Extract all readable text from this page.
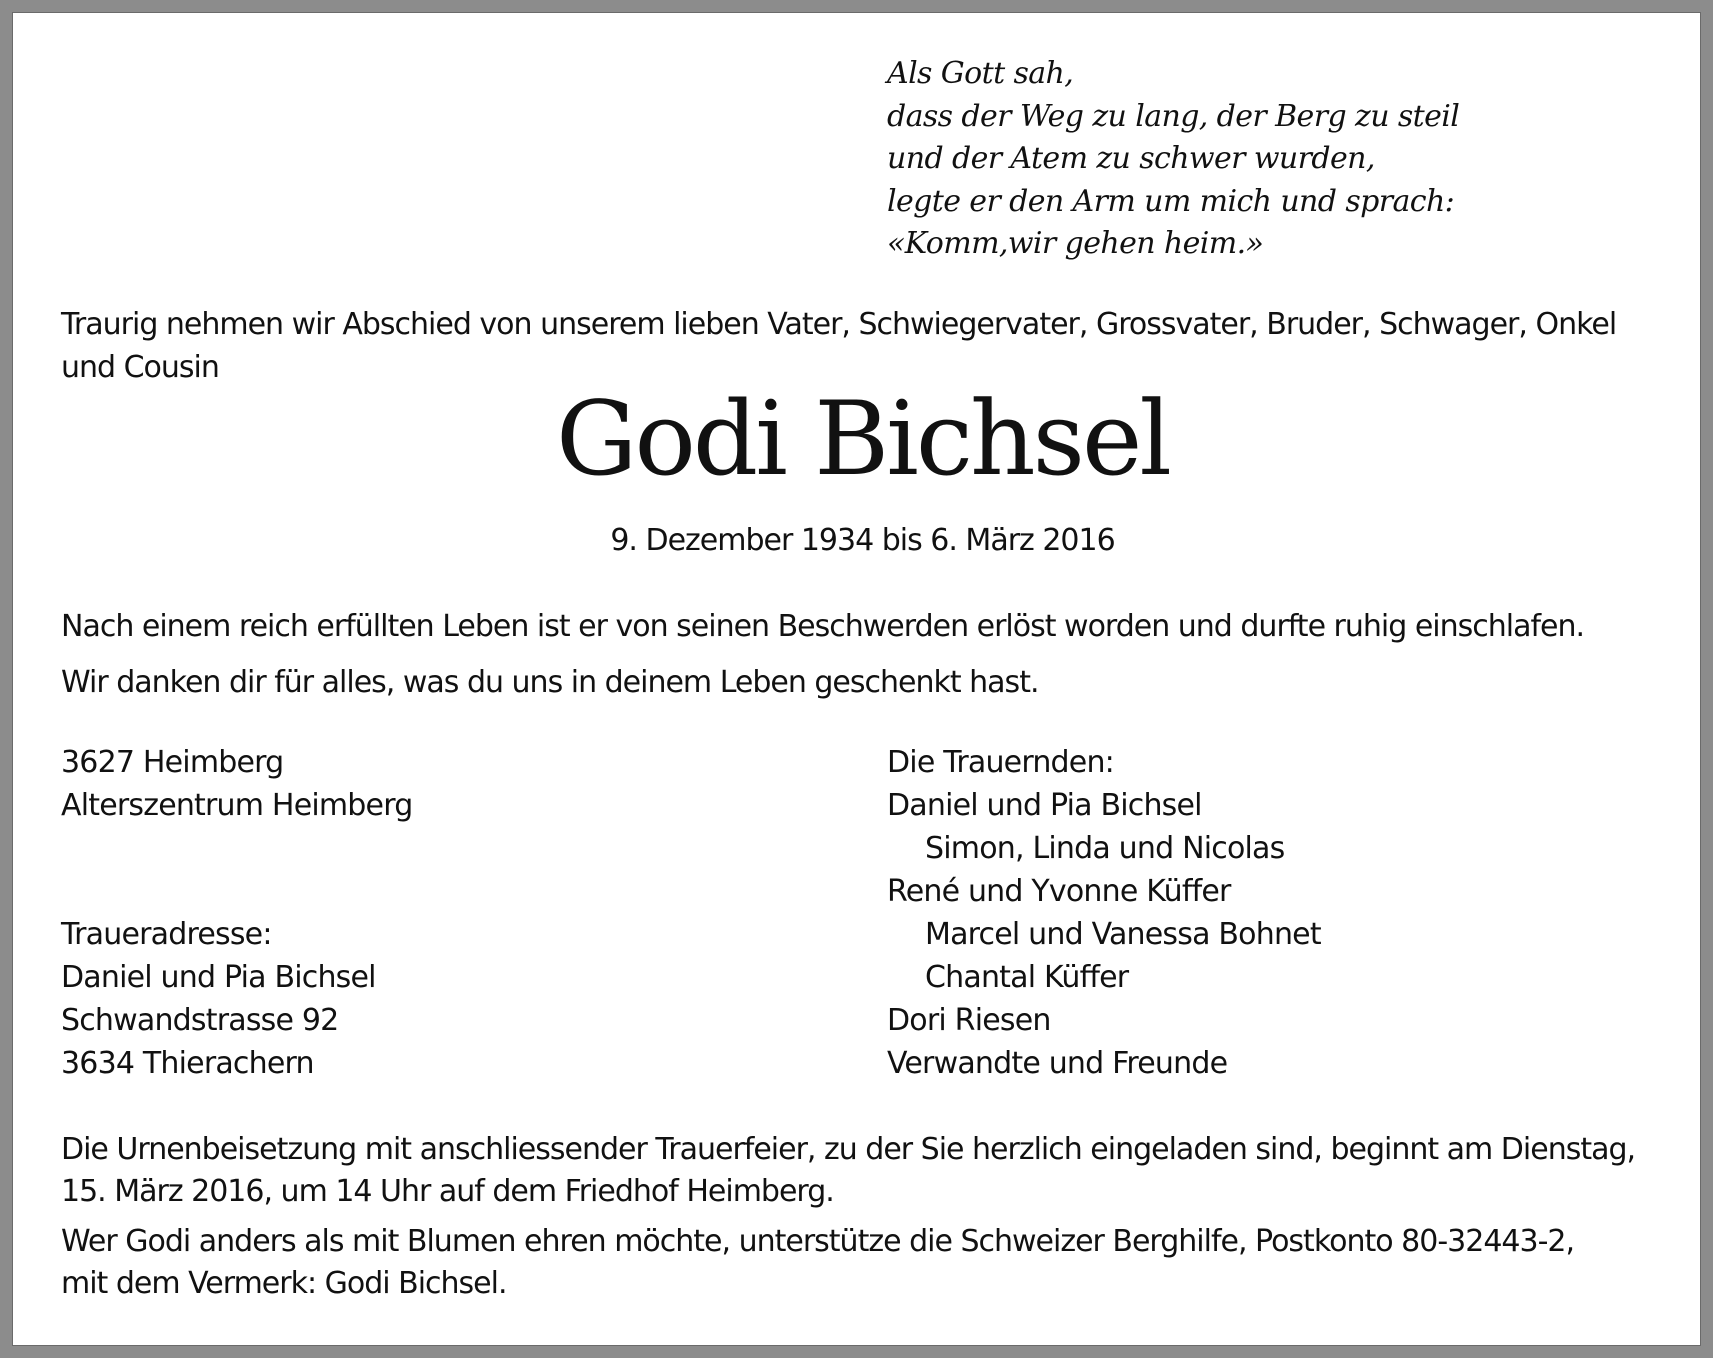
Als Gott sah,
dass der Weg zu lang, der Berg zu steil
und der Atem zu schwer wurden,
legte er den Arm um mich und sprach:
«Komm,wir gehen heim.»
Traurig nehmen wir Abschied von unserem lieben Vater, Schwiegervater, Grossvater, Bruder, Schwager, Onkel
und Cousin
Godi Bichsel
9. Dezember 1934 bis 6. März 2016
Nach einem reich erfüllten Leben ist er von seinen Beschwerden erlöst worden und durfte ruhig einschlafen.
Wir danken dir für alles, was du uns in deinem Leben geschenkt hast.
3627 Heimberg
Alterszentrum Heimberg
Traueradresse:
Daniel und Pia Bichsel
Schwandstrasse 92
3634 Thierachern
Die Trauernden:
Daniel und Pia Bichsel
Simon, Linda und Nicolas
René und Yvonne Küffer
Marcel und Vanessa Bohnet
Chantal Küffer
Dori Riesen
Verwandte und Freunde
Die Urnenbeisetzung mit anschliessender Trauerfeier, zu der Sie herzlich eingeladen sind, beginnt am Dienstag,
15. März 2016, um 14 Uhr auf dem Friedhof Heimberg.
Wer Godi anders als mit Blumen ehren möchte, unterstütze die Schweizer Berghilfe, Postkonto 80-32443-2,
mit dem Vermerk: Godi Bichsel.
